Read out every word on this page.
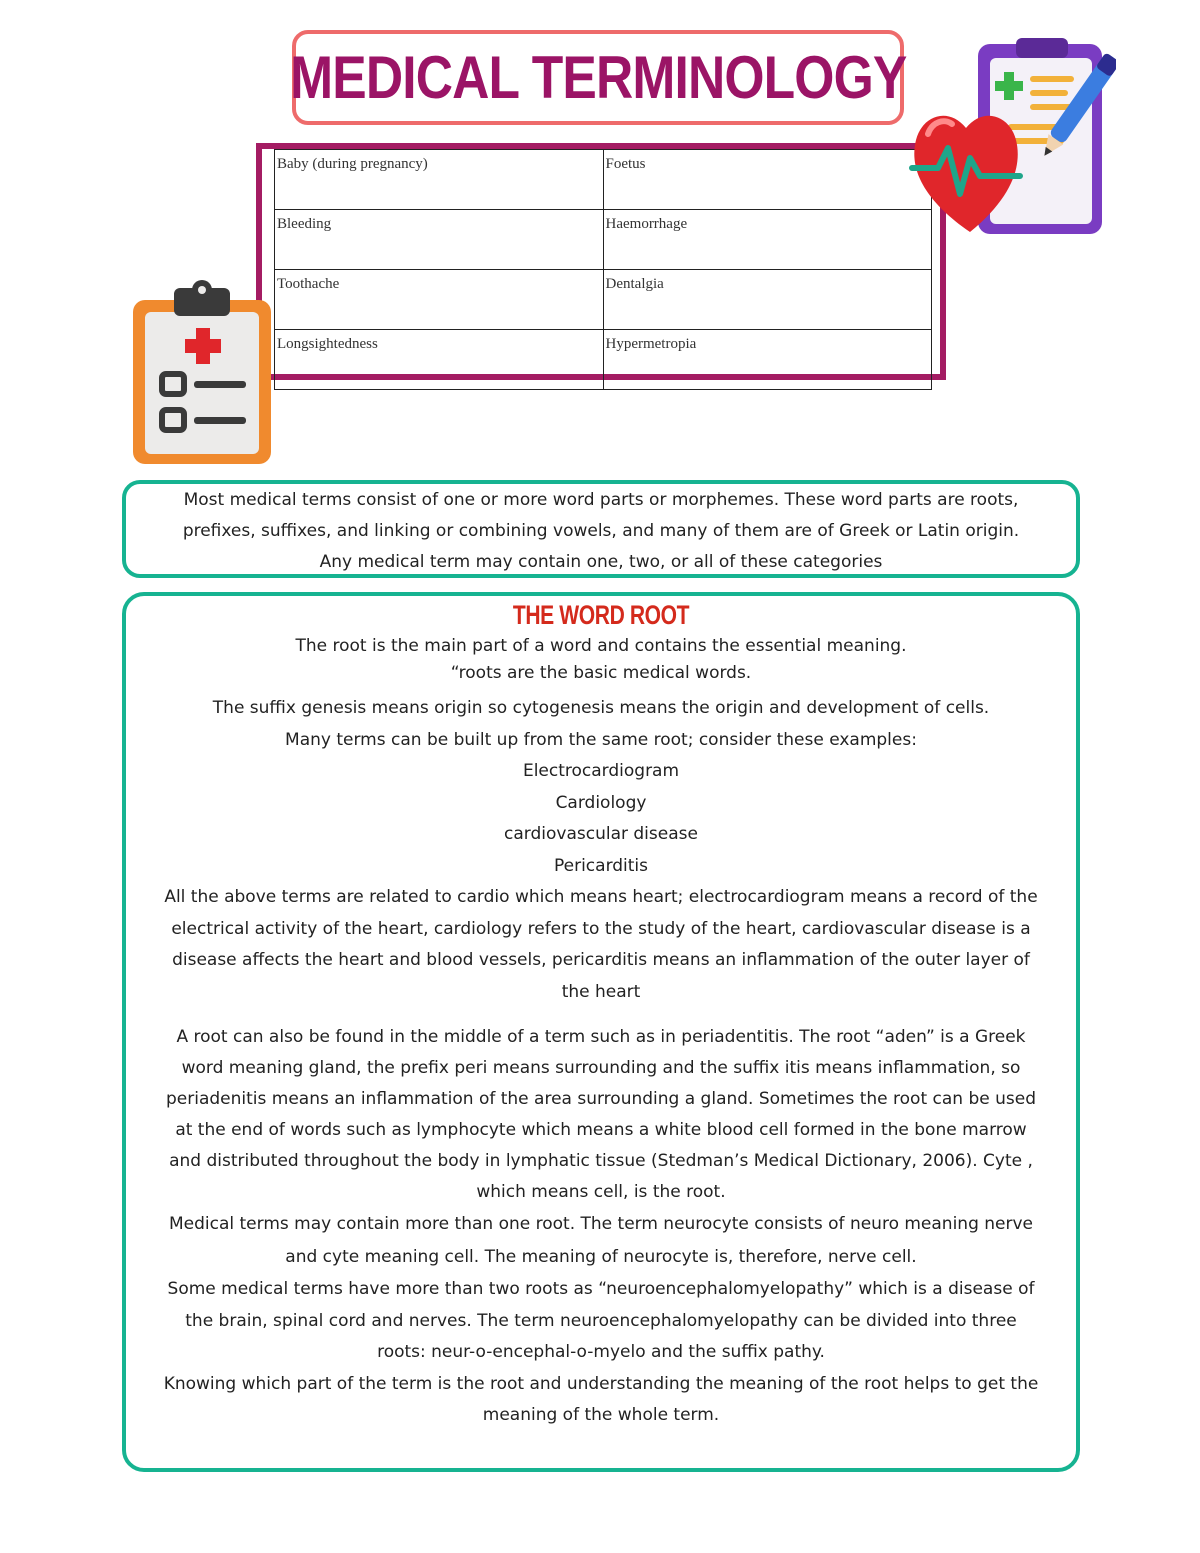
MEDICAL TERMINOLOGY
Baby (during pregnancy)	Foetus
Bleeding	Haemorrhage
Toothache	Dentalgia
Longsightedness	Hypermetropia

Most medical terms consist of one or more word parts or morphemes. These word parts are roots, prefixes, suffixes, and linking or combining vowels, and many of them are of Greek or Latin origin. Any medical term may contain one, two, or all of these categories

THE WORD ROOT

The root is the main part of a word and contains the essential meaning.

“roots are the basic medical words.

The suffix genesis means origin so cytogenesis means the origin and development of cells. Many terms can be built up from the same root; consider these examples:

Electrocardiogram

Cardiology

cardiovascular disease

Pericarditis

All the above terms are related to cardio which means heart; electrocardiogram means a record of the electrical activity of the heart, cardiology refers to the study of the heart, cardiovascular disease is a disease affects the heart and blood vessels, pericarditis means an inflammation of the outer layer of the heart

A root can also be found in the middle of a term such as in periadentitis. The root “aden” is a Greek word meaning gland, the prefix peri means surrounding and the suffix itis means inflammation, so periadenitis means an inflammation of the area surrounding a gland. Sometimes the root can be used at the end of words such as lymphocyte which means a white blood cell formed in the bone marrow and distributed throughout the body in lymphatic tissue (Stedman’s Medical Dictionary, 2006). Cyte , which means cell, is the root.

Medical terms may contain more than one root. The term neurocyte consists of neuro meaning nerve and cyte meaning cell. The meaning of neurocyte is, therefore, nerve cell.

Some medical terms have more than two roots as “neuroencephalomyelopathy” which is a disease of the brain, spinal cord and nerves. The term neuroencephalomyelopathy can be divided into three roots: neur-o-encephal-o-myelo and the suffix pathy.

Knowing which part of the term is the root and understanding the meaning of the root helps to get the meaning of the whole term.
